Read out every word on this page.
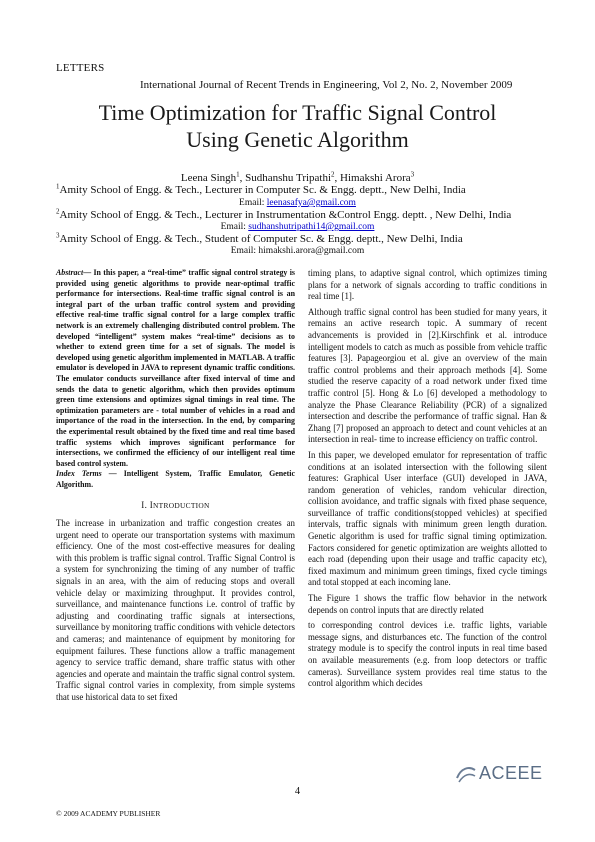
LETTERS
International Journal of Recent Trends in Engineering, Vol 2, No. 2, November 2009
Time Optimization for Traffic Signal Control
Using Genetic Algorithm
Leena Singh$^1$, Sudhanshu Tripathi$^2$, Himakshi Arora$^3$
$^1$Amity School of Engg. & Tech., Lecturer in Computer Sc. & Engg. deptt., New Delhi, India
Email: leenasafya@gmail.com
$^2$Amity School of Engg. & Tech., Lecturer in Instrumentation &Control Engg. deptt. , New Delhi, India
Email: sudhanshutripathi14@gmail.com
$^3$Amity School of Engg. & Tech., Student of Computer Sc. & Engg. deptt., New Delhi, India
Email: himakshi.arora@gmail.com

Abstract— In this paper, a “real-time” traffic signal control strategy is provided using genetic algorithms to provide near-optimal traffic performance for intersections. Real-time traffic signal control is an integral part of the urban traffic control system and providing effective real-time traffic signal control for a large complex traffic network is an extremely challenging distributed control problem. The developed “intelligent” system makes “real-time” decisions as to whether to extend green time for a set of signals. The model is developed using genetic algorithm implemented in MATLAB. A traffic emulator is developed in JAVA to represent dynamic traffic conditions. The emulator conducts surveillance after fixed interval of time and sends the data to genetic algorithm, which then provides optimum green time extensions and optimizes signal timings in real time. The optimization parameters are - total number of vehicles in a road and importance of the road in the intersection. In the end, by comparing the experimental result obtained by the fixed time and real time based traffic systems which improves significant performance for intersections, we confirmed the efficiency of our intelligent real time based control system.
Index Terms — Intelligent System, Traffic Emulator, Genetic Algorithm.

I. INTRODUCTION

The increase in urbanization and traffic congestion creates an urgent need to operate our transportation systems with maximum efficiency. One of the most cost-effective measures for dealing with this problem is traffic signal control. Traffic Signal Control is a system for synchronizing the timing of any number of traffic signals in an area, with the aim of reducing stops and overall vehicle delay or maximizing throughput. It provides control, surveillance, and maintenance functions i.e. control of traffic by adjusting and coordinating traffic signals at intersections, surveillance by monitoring traffic conditions with vehicle detectors and cameras; and maintenance of equipment by monitoring for equipment failures. These functions allow a traffic management agency to service traffic demand, share traffic status with other agencies and operate and maintain the traffic signal control system. Traffic signal control varies in complexity, from simple systems that use historical data to set fixed

timing plans, to adaptive signal control, which optimizes timing plans for a network of signals according to traffic conditions in real time [1].

Although traffic signal control has been studied for many years, it remains an active research topic. A summary of recent advancements is provided in [2].Kirschfink et al. introduce intelligent models to catch as much as possible from vehicle traffic features [3]. Papageorgiou et al. give an overview of the main traffic control problems and their approach methods [4]. Some studied the reserve capacity of a road network under fixed time traffic control [5]. Hong & Lo [6] developed a methodology to analyze the Phase Clearance Reliability (PCR) of a signalized intersection and describe the performance of traffic signal. Han & Zhang [7] proposed an approach to detect and count vehicles at an intersection in real- time to increase efficiency on traffic control.

In this paper, we developed emulator for representation of traffic conditions at an isolated intersection with the following silent features: Graphical User interface (GUI) developed in JAVA, random generation of vehicles, random vehicular direction, collision avoidance, and traffic signals with fixed phase sequence, surveillance of traffic conditions(stopped vehicles) at specified intervals, traffic signals with minimum green length duration. Genetic algorithm is used for traffic signal timing optimization. Factors considered for genetic optimization are weights allotted to each road (depending upon their usage and traffic capacity etc), fixed maximum and minimum green timings, fixed cycle timings and total stopped at each incoming lane.

The Figure 1 shows the traffic flow behavior in the network depends on control inputs that are directly related

to corresponding control devices i.e. traffic lights, variable message signs, and disturbances etc. The function of the control strategy module is to specify the control inputs in real time based on available measurements (e.g. from loop detectors or traffic cameras). Surveillance system provides real time status to the control algorithm which decides

ACEEE
4
© 2009 ACADEMY PUBLISHER
